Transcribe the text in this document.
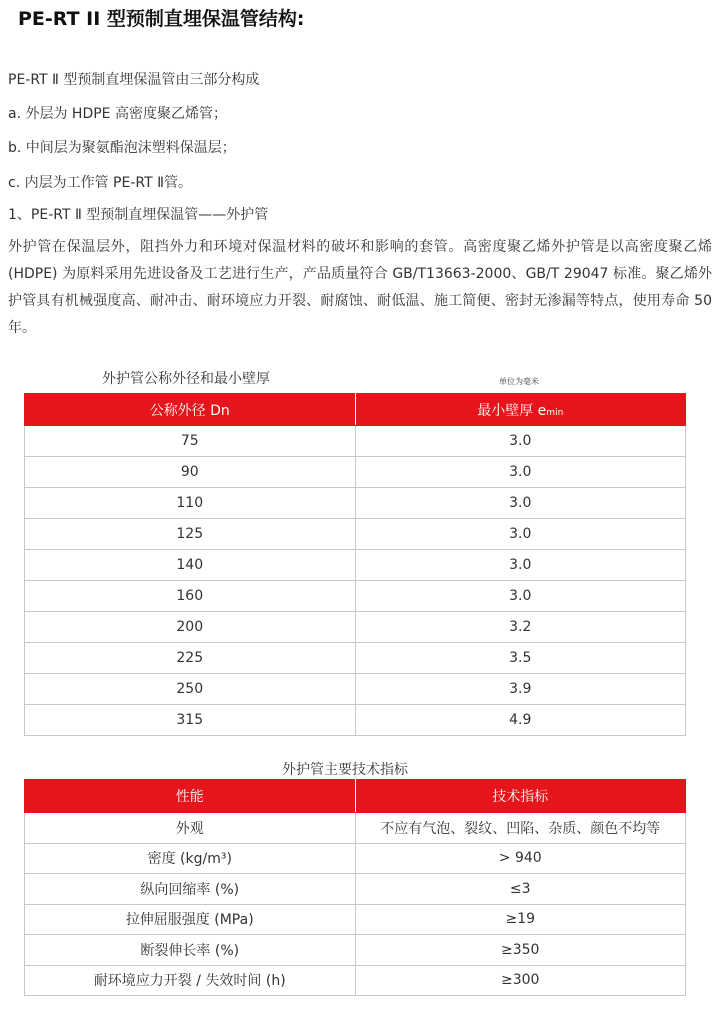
PE-RT II 型预制直埋保温管结构:
PE-RT Ⅱ 型预制直埋保温管由三部分构成
a. 外层为 HDPE 高密度聚乙烯管；
b. 中间层为聚氨酯泡沫塑料保温层；
c. 内层为工作管 PE-RT Ⅱ管。
1、PE-RT Ⅱ 型预制直埋保温管——外护管
外护管在保温层外，阻挡外力和环境对保温材料的破坏和影响的套管。高密度聚乙烯外护管是以高密度聚乙烯 (HDPE) 为原料采用先进设备及工艺进行生产，产品质量符合 GB/T13663-2000、GB/T 29047 标准。聚乙烯外护管具有机械强度高、耐冲击、耐环境应力开裂、耐腐蚀、耐低温、施工简便、密封无渗漏等特点，使用寿命 50 年。
外护管公称外径和最小壁厚	单位为毫米
公称外径 Dn	最小壁厚 emin
75	3.0
90	3.0
110	3.0
125	3.0
140	3.0
160	3.0
200	3.2
225	3.5
250	3.9
315	4.9
外护管主要技术指标
性能	技术指标
外观	不应有气泡、裂纹、凹陷、杂质、颜色不均等
密度 (kg/m³)	> 940
纵向回缩率 (%)	≤3
拉伸屈服强度 (MPa)	≥19
断裂伸长率 (%)	≥350
耐环境应力开裂 / 失效时间 (h)	≥300
